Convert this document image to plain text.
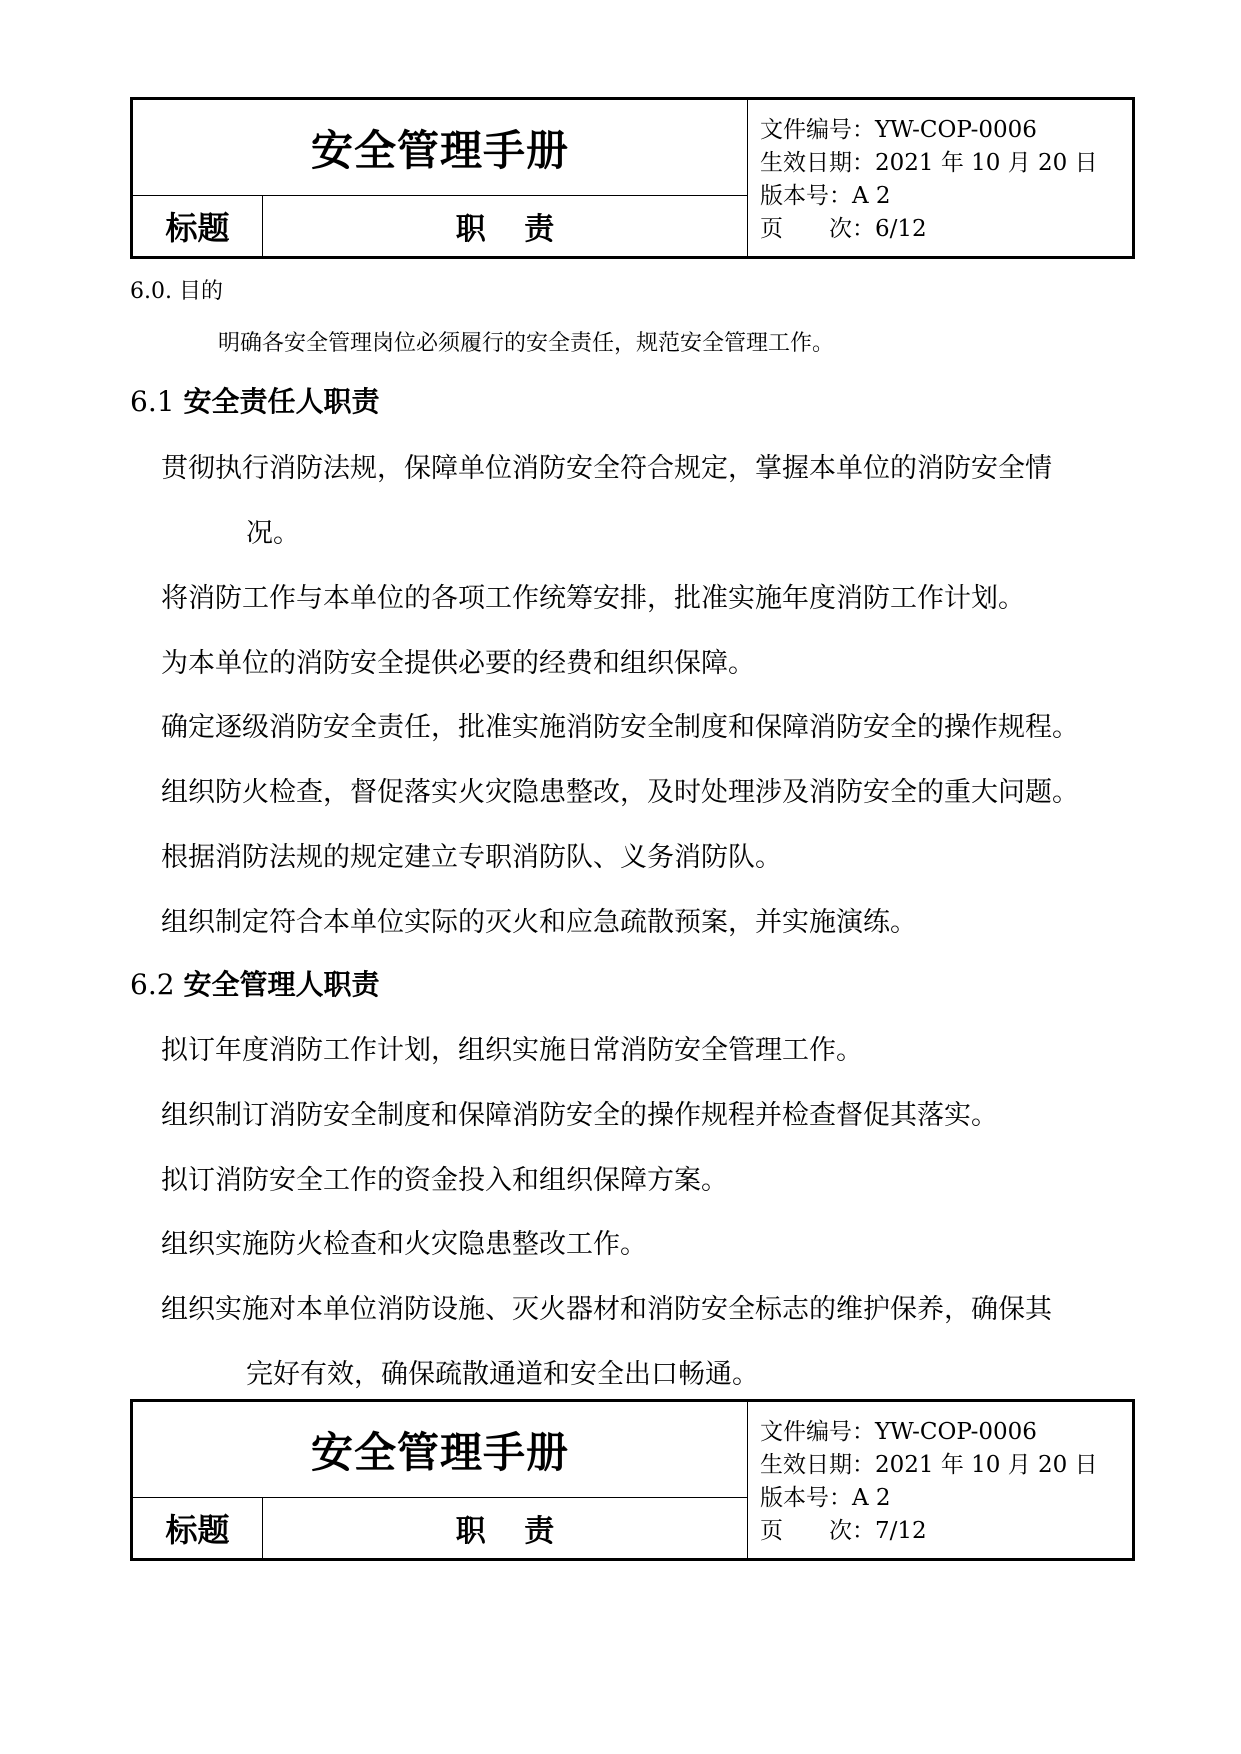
安全管理手册
标题	职 责
文件编号：YW-COP-0006
生效日期：2021 年 10 月 20 日
版本号：A 2
页　　次：6/12
6.0. 目的
明确各安全管理岗位必须履行的安全责任，规范安全管理工作。
6.1 安全责任人职责
贯彻执行消防法规，保障单位消防安全符合规定，掌握本单位的消防安全情
况。
将消防工作与本单位的各项工作统筹安排，批准实施年度消防工作计划。
为本单位的消防安全提供必要的经费和组织保障。
确定逐级消防安全责任，批准实施消防安全制度和保障消防安全的操作规程。
组织防火检查，督促落实火灾隐患整改，及时处理涉及消防安全的重大问题。
根据消防法规的规定建立专职消防队、义务消防队。
组织制定符合本单位实际的灭火和应急疏散预案，并实施演练。
6.2 安全管理人职责
拟订年度消防工作计划，组织实施日常消防安全管理工作。
组织制订消防安全制度和保障消防安全的操作规程并检查督促其落实。
拟订消防安全工作的资金投入和组织保障方案。
组织实施防火检查和火灾隐患整改工作。
组织实施对本单位消防设施、灭火器材和消防安全标志的维护保养，确保其
完好有效，确保疏散通道和安全出口畅通。
安全管理手册
标题	职 责
文件编号：YW-COP-0006
生效日期：2021 年 10 月 20 日
版本号：A 2
页　　次：7/12
